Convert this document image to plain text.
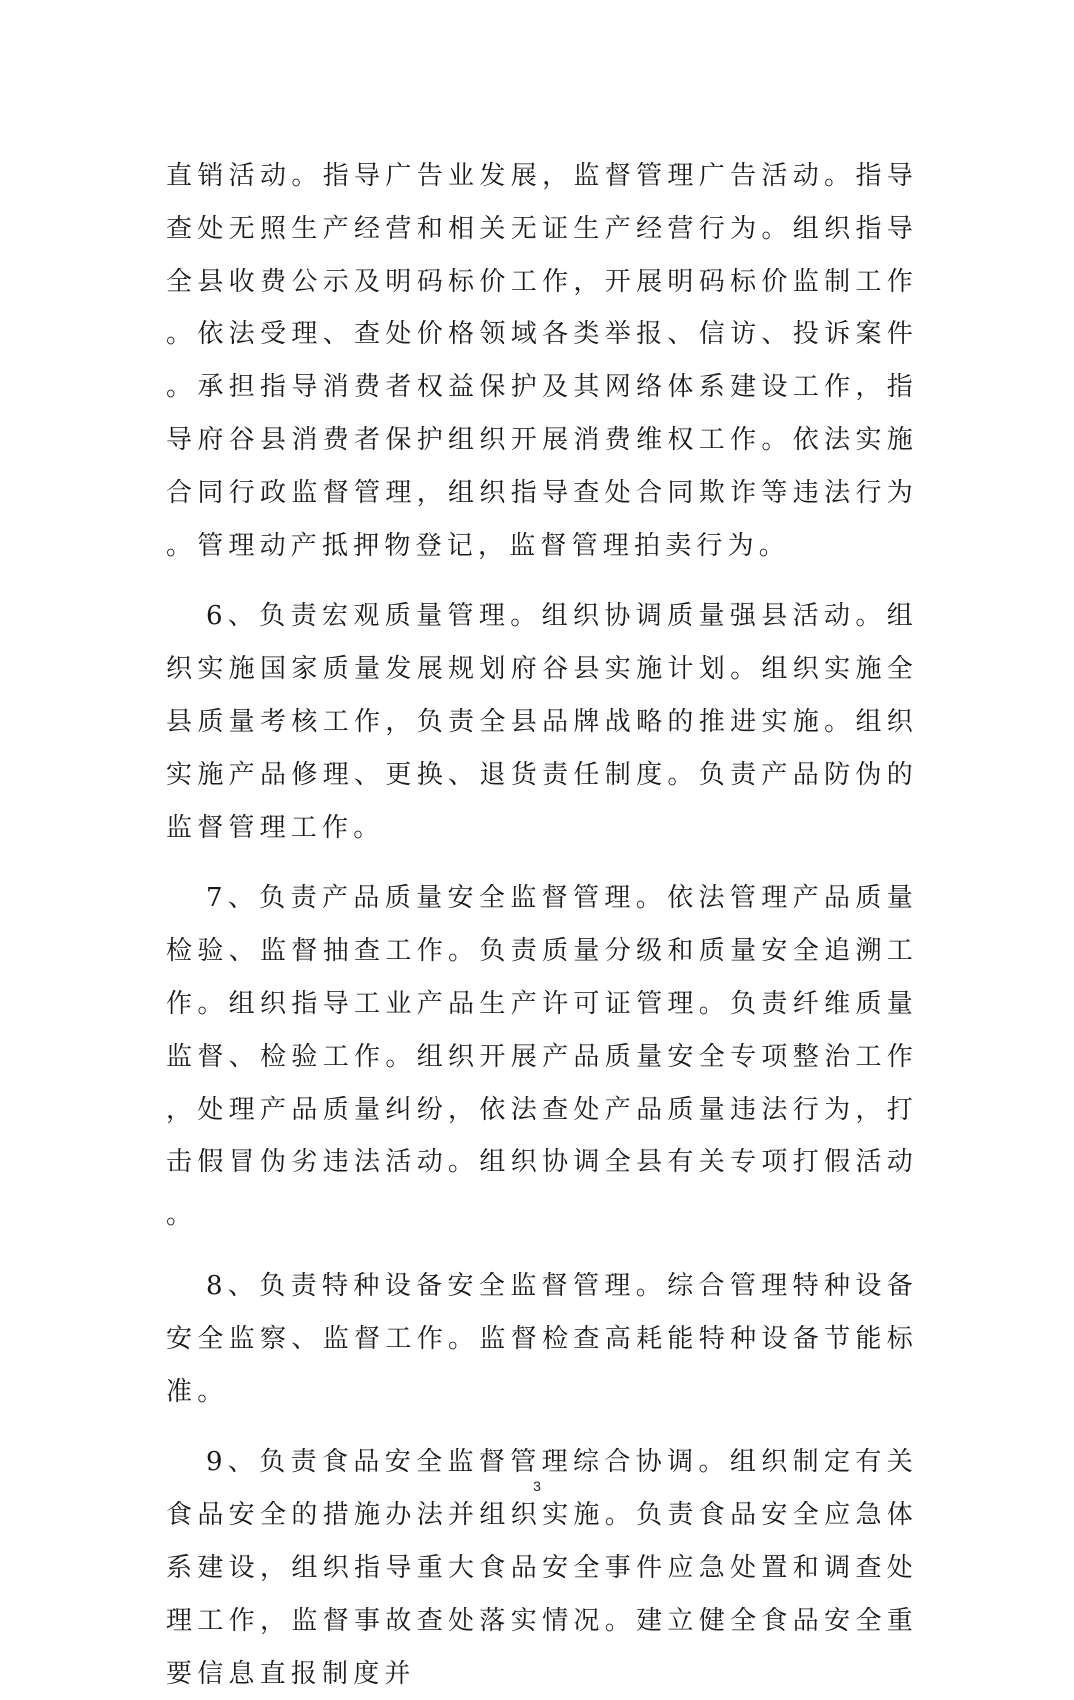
直销活动。指导广告业发展，监督管理广告活动。指导查处无照生产经营和相关无证生产经营行为。组织指导全县收费公示及明码标价工作，开展明码标价监制工作。依法受理、查处价格领域各类举报、信访、投诉案件。承担指导消费者权益保护及其网络体系建设工作，指导府谷县消费者保护组织开展消费维权工作。依法实施合同行政监督管理，组织指导查处合同欺诈等违法行为。管理动产抵押物登记，监督管理拍卖行为。

6、负责宏观质量管理。组织协调质量强县活动。组织实施国家质量发展规划府谷县实施计划。组织实施全县质量考核工作，负责全县品牌战略的推进实施。组织实施产品修理、更换、退货责任制度。负责产品防伪的监督管理工作。

7、负责产品质量安全监督管理。依法管理产品质量检验、监督抽查工作。负责质量分级和质量安全追溯工作。组织指导工业产品生产许可证管理。负责纤维质量监督、检验工作。组织开展产品质量安全专项整治工作，处理产品质量纠纷，依法查处产品质量违法行为，打击假冒伪劣违法活动。组织协调全县有关专项打假活动。

8、负责特种设备安全监督管理。综合管理特种设备安全监察、监督工作。监督检查高耗能特种设备节能标准。

9、负责食品安全监督管理综合协调。组织制定有关食品安全的措施办法并组织实施。负责食品安全应急体系建设，组织指导重大食品安全事件应急处置和调查处理工作，监督事故查处落实情况。建立健全食品安全重要信息直报制度并

3
